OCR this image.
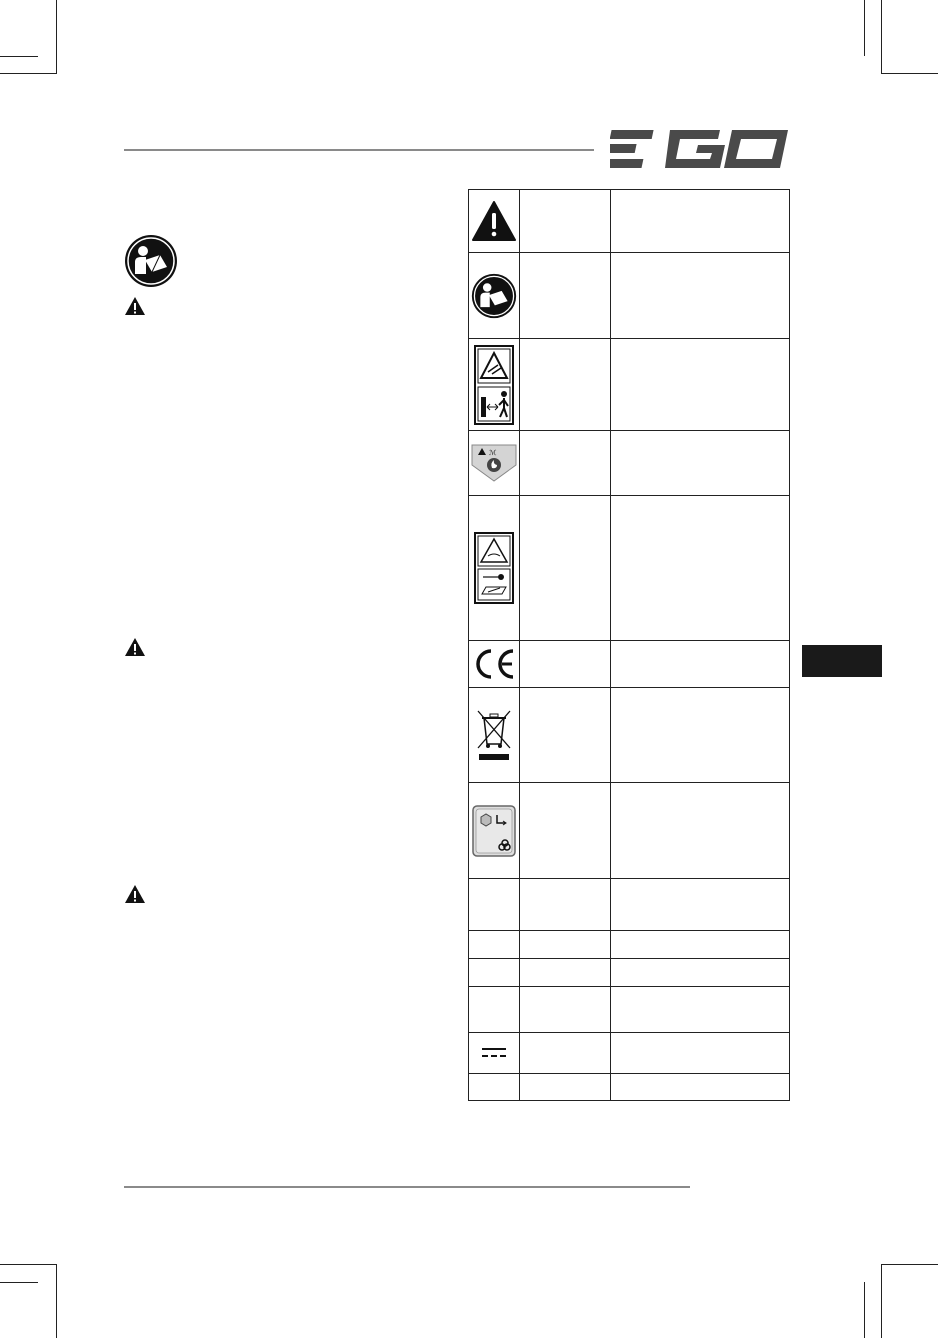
ℳ
